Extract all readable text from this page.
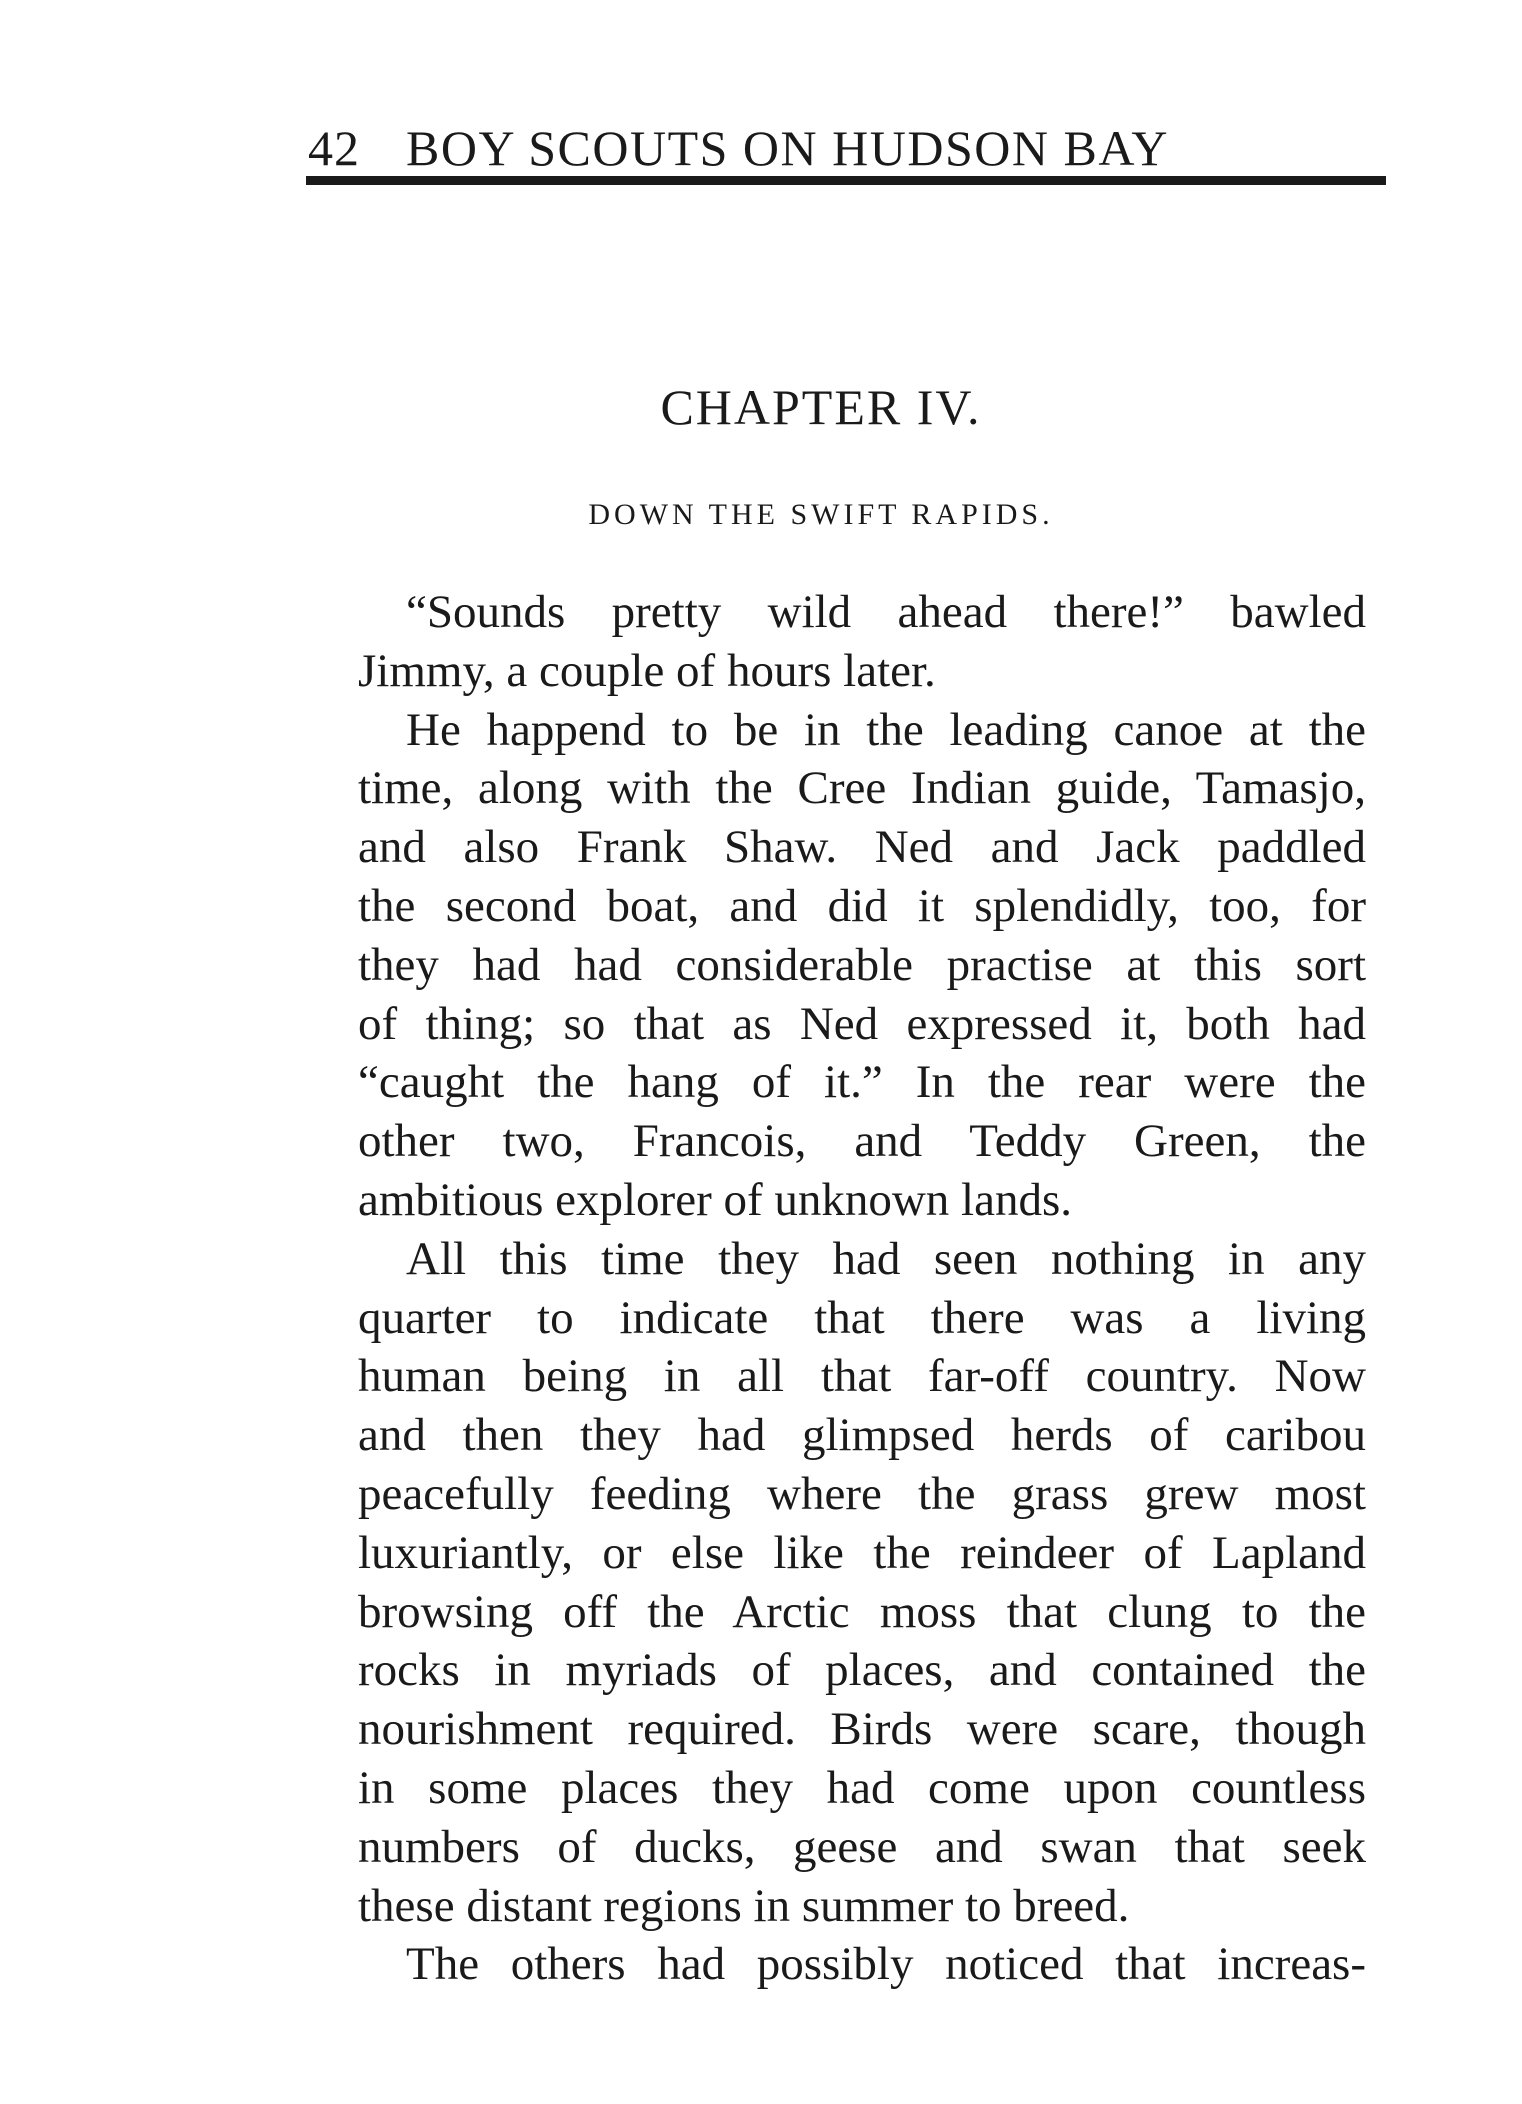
42 BOY SCOUTS ON HUDSON BAY
CHAPTER IV.
DOWN THE SWIFT RAPIDS.
“Sounds pretty wild ahead there!” bawled
Jimmy, a couple of hours later.
He happend to be in the leading canoe at the
time, along with the Cree Indian guide, Tamasjo,
and also Frank Shaw. Ned and Jack paddled
the second boat, and did it splendidly, too, for
they had had considerable practise at this sort
of thing; so that as Ned expressed it, both had
“caught the hang of it.” In the rear were the
other two, Francois, and Teddy Green, the
ambitious explorer of unknown lands.
All this time they had seen nothing in any
quarter to indicate that there was a living
human being in all that far-off country. Now
and then they had glimpsed herds of caribou
peacefully feeding where the grass grew most
luxuriantly, or else like the reindeer of Lapland
browsing off the Arctic moss that clung to the
rocks in myriads of places, and contained the
nourishment required. Birds were scare, though
in some places they had come upon countless
numbers of ducks, geese and swan that seek
these distant regions in summer to breed.
The others had possibly noticed that increas-
